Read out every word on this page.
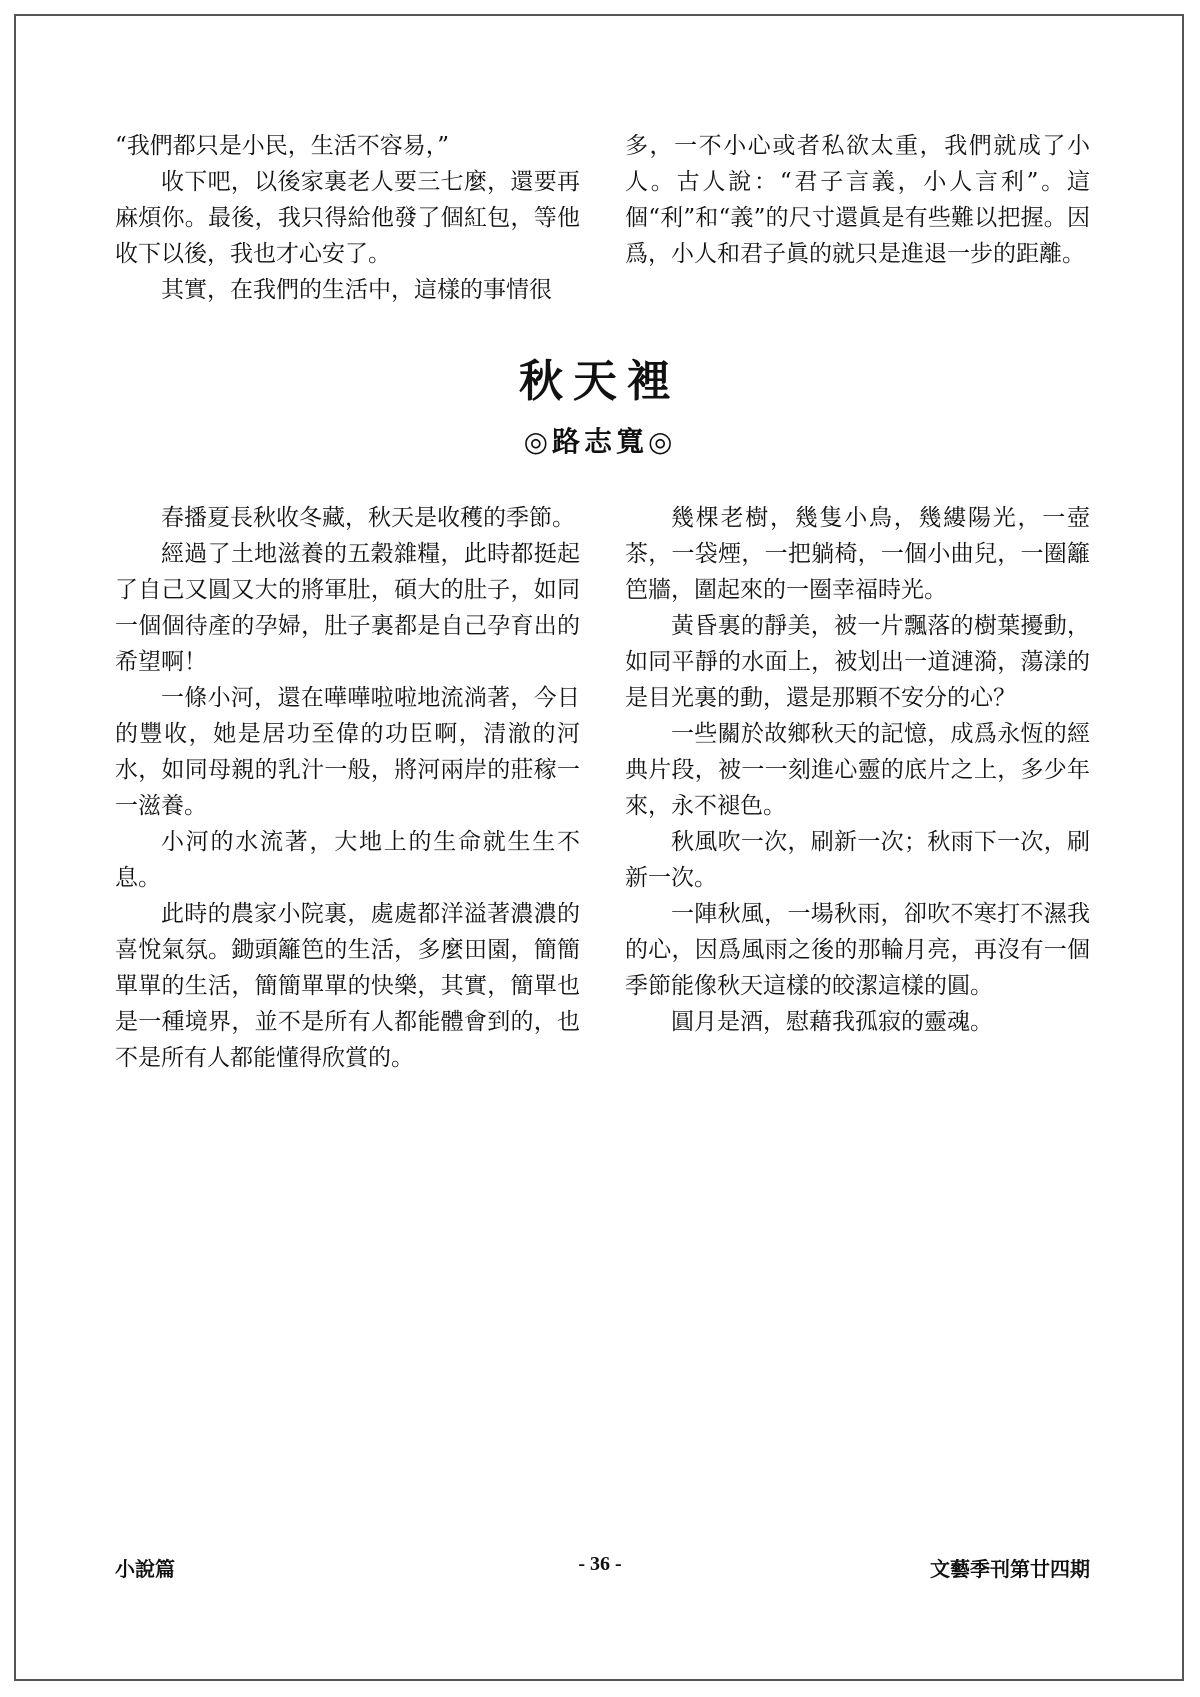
“我們都只是小民，生活不容易，”

收下吧，以後家裏老人要三七麼，還要再麻煩你。最後，我只得給他發了個紅包，等他收下以後，我也才心安了。

其實，在我們的生活中，這樣的事情很

多，一不小心或者私欲太重，我們就成了小人。古人說：“君子言義，小人言利”。這個“利”和“義”的尺寸還眞是有些難以把握。因爲，小人和君子眞的就只是進退一步的距離。

秋天裡
◎路志寬◎

春播夏長秋收冬藏，秋天是收穫的季節。

經過了土地滋養的五穀雜糧，此時都挺起了自己又圓又大的將軍肚，碩大的肚子，如同一個個待產的孕婦，肚子裏都是自己孕育出的希望啊！

一條小河，還在嘩嘩啦啦地流淌著，今日的豐收，她是居功至偉的功臣啊，清澈的河水，如同母親的乳汁一般，將河兩岸的莊稼一一滋養。

小河的水流著，大地上的生命就生生不息。

此時的農家小院裏，處處都洋溢著濃濃的喜悅氣氛。鋤頭籬笆的生活，多麼田園，簡簡單單的生活，簡簡單單的快樂，其實，簡單也是一種境界，並不是所有人都能體會到的，也不是所有人都能懂得欣賞的。

幾棵老樹，幾隻小鳥，幾縷陽光，一壺茶，一袋煙，一把躺椅，一個小曲兒，一圈籬笆牆，圍起來的一圈幸福時光。

黃昏裏的靜美，被一片飄落的樹葉擾動，如同平靜的水面上，被划出一道漣漪，蕩漾的是目光裏的動，還是那顆不安分的心？

一些關於故鄉秋天的記憶，成爲永恆的經典片段，被一一刻進心靈的底片之上，多少年來，永不褪色。

秋風吹一次，刷新一次；秋雨下一次，刷新一次。

一陣秋風，一場秋雨，卻吹不寒打不濕我的心，因爲風雨之後的那輪月亮，再沒有一個季節能像秋天這樣的皎潔這樣的圓。

圓月是酒，慰藉我孤寂的靈魂。

小說篇	- 36 -	文藝季刊第廿四期
